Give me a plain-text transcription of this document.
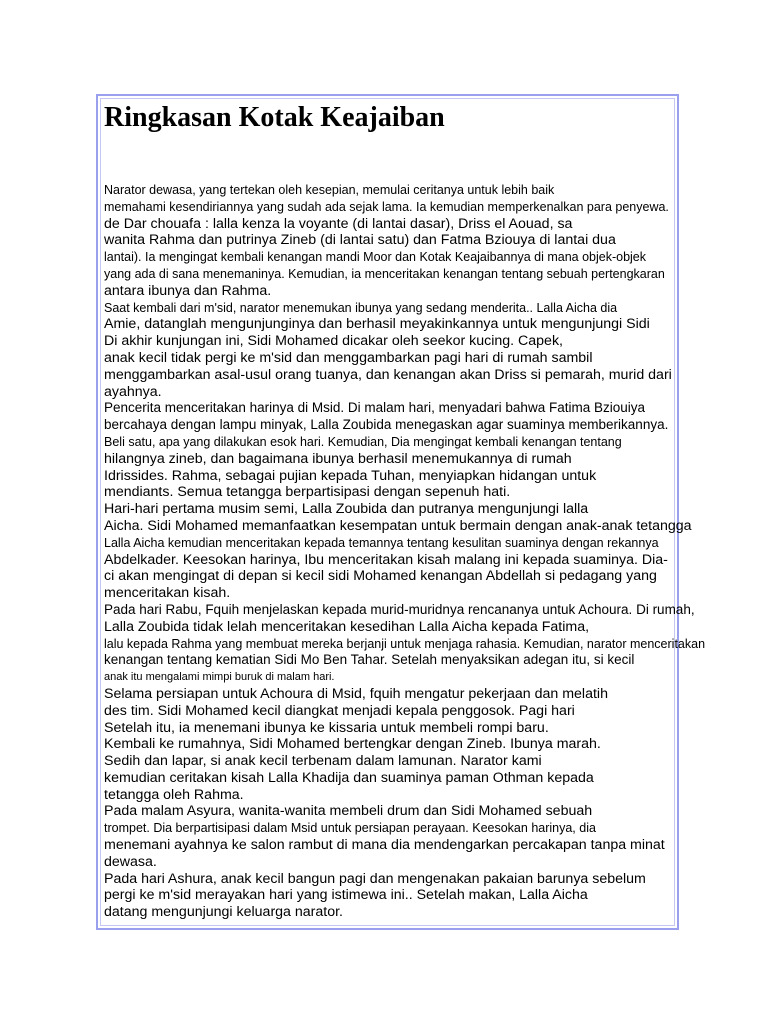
Ringkasan Kotak Keajaiban
Narator dewasa, yang tertekan oleh kesepian, memulai ceritanya untuk lebih baik
memahami kesendiriannya yang sudah ada sejak lama. Ia kemudian memperkenalkan para penyewa.
de Dar chouafa : lalla kenza la voyante (di lantai dasar), Driss el Aouad, sa
wanita Rahma dan putrinya Zineb (di lantai satu) dan Fatma Bziouya di lantai dua
lantai). Ia mengingat kembali kenangan mandi Moor dan Kotak Keajaibannya di mana objek-objek
yang ada di sana menemaninya. Kemudian, ia menceritakan kenangan tentang sebuah pertengkaran
antara ibunya dan Rahma.
Saat kembali dari m'sid, narator menemukan ibunya yang sedang menderita.. Lalla Aicha dia
Amie, datanglah mengunjunginya dan berhasil meyakinkannya untuk mengunjungi Sidi
Di akhir kunjungan ini, Sidi Mohamed dicakar oleh seekor kucing. Capek,
anak kecil tidak pergi ke m'sid dan menggambarkan pagi hari di rumah sambil
menggambarkan asal-usul orang tuanya, dan kenangan akan Driss si pemarah, murid dari
ayahnya.
Pencerita menceritakan harinya di Msid. Di malam hari, menyadari bahwa Fatima Bziouiya
bercahaya dengan lampu minyak, Lalla Zoubida menegaskan agar suaminya memberikannya.
Beli satu, apa yang dilakukan esok hari. Kemudian, Dia mengingat kembali kenangan tentang
hilangnya zineb, dan bagaimana ibunya berhasil menemukannya di rumah
Idrissides. Rahma, sebagai pujian kepada Tuhan, menyiapkan hidangan untuk
mendiants. Semua tetangga berpartisipasi dengan sepenuh hati.
Hari-hari pertama musim semi, Lalla Zoubida dan putranya mengunjungi lalla
Aicha. Sidi Mohamed memanfaatkan kesempatan untuk bermain dengan anak-anak tetangga
Lalla Aicha kemudian menceritakan kepada temannya tentang kesulitan suaminya dengan rekannya
Abdelkader. Keesokan harinya, Ibu menceritakan kisah malang ini kepada suaminya. Dia-
ci akan mengingat di depan si kecil sidi Mohamed kenangan Abdellah si pedagang yang
menceritakan kisah.
Pada hari Rabu, Fquih menjelaskan kepada murid-muridnya rencananya untuk Achoura. Di rumah,
Lalla Zoubida tidak lelah menceritakan kesedihan Lalla Aicha kepada Fatima,
lalu kepada Rahma yang membuat mereka berjanji untuk menjaga rahasia. Kemudian, narator menceritakan
kenangan tentang kematian Sidi Mo Ben Tahar. Setelah menyaksikan adegan itu, si kecil
anak itu mengalami mimpi buruk di malam hari.
Selama persiapan untuk Achoura di Msid, fquih mengatur pekerjaan dan melatih
des tim. Sidi Mohamed kecil diangkat menjadi kepala penggosok. Pagi hari
Setelah itu, ia menemani ibunya ke kissaria untuk membeli rompi baru.
Kembali ke rumahnya, Sidi Mohamed bertengkar dengan Zineb. Ibunya marah.
Sedih dan lapar, si anak kecil terbenam dalam lamunan. Narator kami
kemudian ceritakan kisah Lalla Khadija dan suaminya paman Othman kepada
tetangga oleh Rahma.
Pada malam Asyura, wanita-wanita membeli drum dan Sidi Mohamed sebuah
trompet. Dia berpartisipasi dalam Msid untuk persiapan perayaan. Keesokan harinya, dia
menemani ayahnya ke salon rambut di mana dia mendengarkan percakapan tanpa minat
dewasa.
Pada hari Ashura, anak kecil bangun pagi dan mengenakan pakaian barunya sebelum
pergi ke m'sid merayakan hari yang istimewa ini.. Setelah makan, Lalla Aicha
datang mengunjungi keluarga narator.
